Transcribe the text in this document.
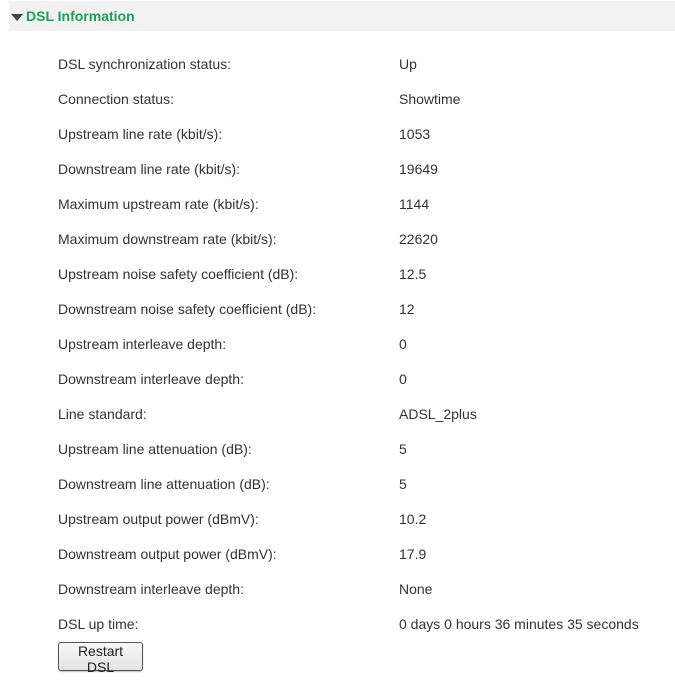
DSL Information
DSL synchronization status:	Up
Connection status:	Showtime
Upstream line rate (kbit/s):	1053
Downstream line rate (kbit/s):	19649
Maximum upstream rate (kbit/s):	1144
Maximum downstream rate (kbit/s):	22620
Upstream noise safety coefficient (dB):	12.5
Downstream noise safety coefficient (dB):	12
Upstream interleave depth:	0
Downstream interleave depth:	0
Line standard:	ADSL_2plus
Upstream line attenuation (dB):	5
Downstream line attenuation (dB):	5
Upstream output power (dBmV):	10.2
Downstream output power (dBmV):	17.9
Downstream interleave depth:	None
DSL up time:	0 days 0 hours 36 minutes 35 seconds
Restart DSL
